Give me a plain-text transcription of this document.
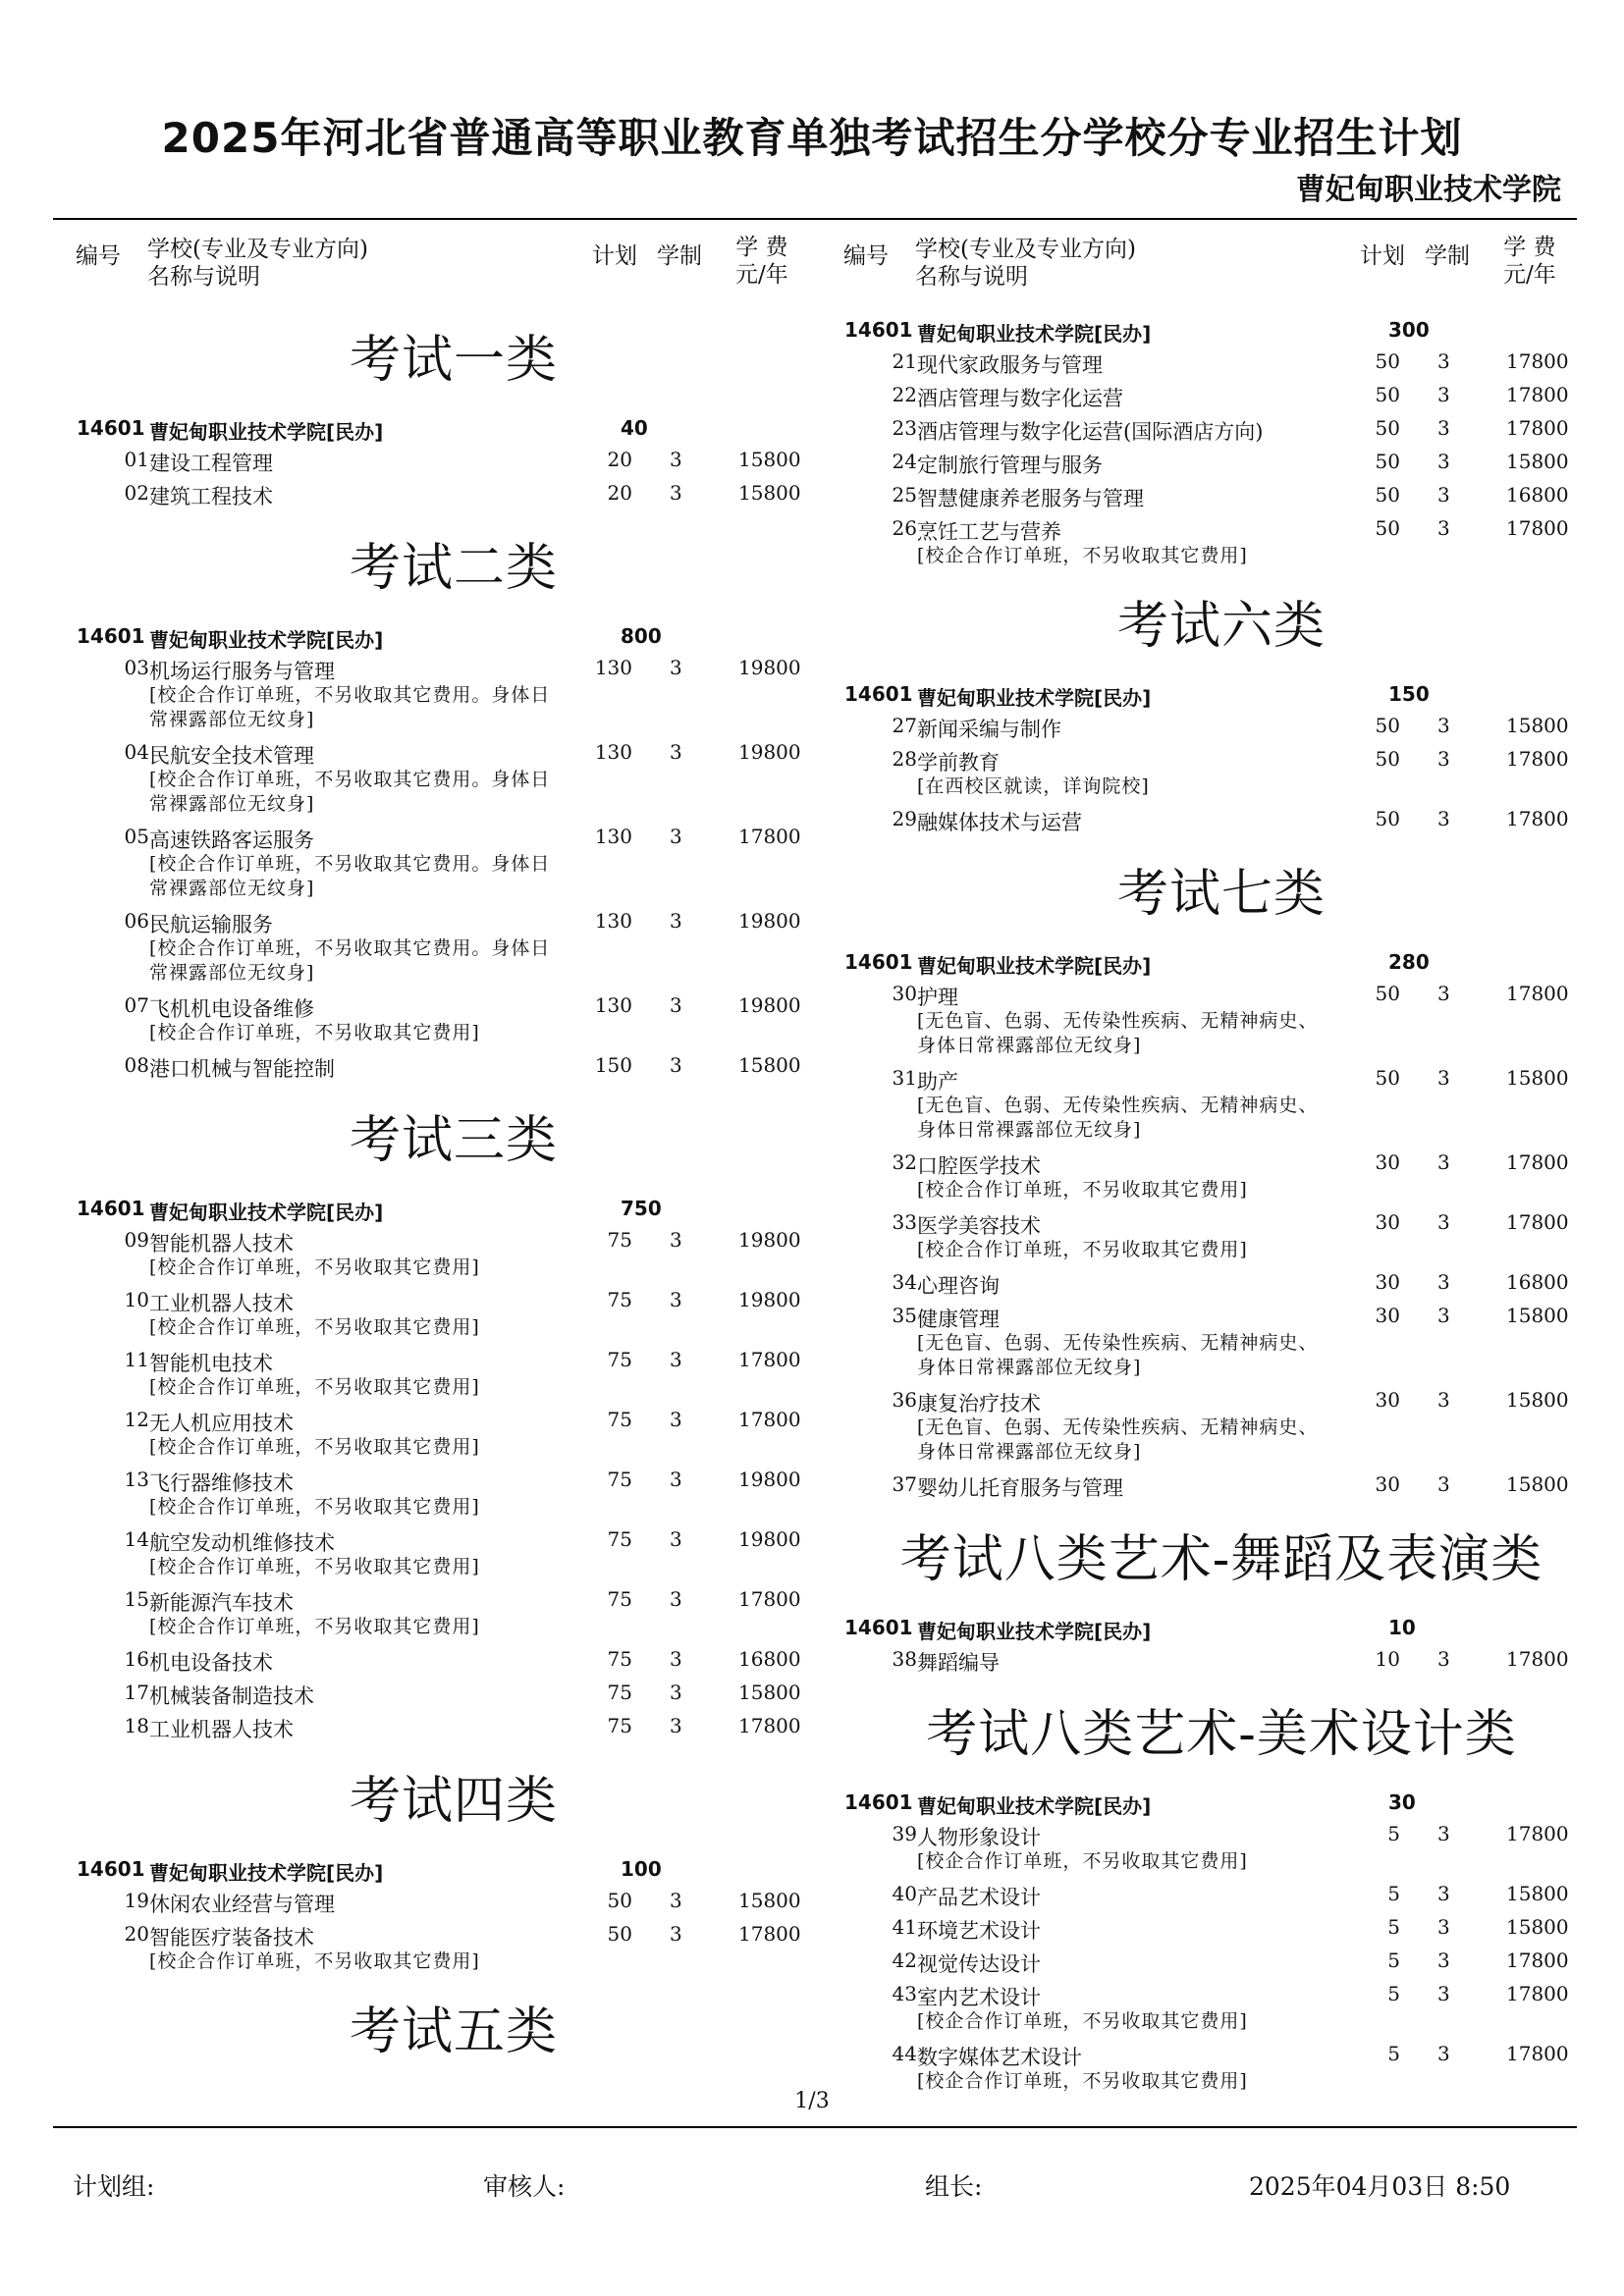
2025年河北省普通高等职业教育单独考试招生分学校分专业招生计划
曹妃甸职业技术学院
编号 学校(专业及专业方向)
名称与说明
计划 学制 学 费
元/年
考试一类
14601 曹妃甸职业技术学院[民办]	40
01 建设工程管理	20 3	15800
02 建筑工程技术	20 3	15800
考试二类
14601 曹妃甸职业技术学院[民办]	800
03 机场运行服务与管理	130 3	19800
[校企合作订单班，不另收取其它费用。身体日常裸露部位无纹身]
04 民航安全技术管理	130 3	19800
[校企合作订单班，不另收取其它费用。身体日常裸露部位无纹身]
05 高速铁路客运服务	130 3	17800
[校企合作订单班，不另收取其它费用。身体日常裸露部位无纹身]
06 民航运输服务	130 3	19800
[校企合作订单班，不另收取其它费用。身体日常裸露部位无纹身]
07 飞机机电设备维修	130 3	19800
[校企合作订单班，不另收取其它费用]
08 港口机械与智能控制	150 3	15800
考试三类
14601 曹妃甸职业技术学院[民办]	750
09 智能机器人技术	75 3	19800
[校企合作订单班，不另收取其它费用]
10 工业机器人技术	75 3	19800
[校企合作订单班，不另收取其它费用]
11 智能机电技术	75 3	17800
[校企合作订单班，不另收取其它费用]
12 无人机应用技术	75 3	17800
[校企合作订单班，不另收取其它费用]
13 飞行器维修技术	75 3	19800
[校企合作订单班，不另收取其它费用]
14 航空发动机维修技术	75 3	19800
[校企合作订单班，不另收取其它费用]
15 新能源汽车技术	75 3	17800
[校企合作订单班，不另收取其它费用]
16 机电设备技术	75 3	16800
17 机械装备制造技术	75 3	15800
18 工业机器人技术	75 3	17800
考试四类
14601 曹妃甸职业技术学院[民办]	100
19 休闲农业经营与管理	50 3	15800
20 智能医疗装备技术	50 3	17800
[校企合作订单班，不另收取其它费用]
考试五类
编号 学校(专业及专业方向)
名称与说明
计划 学制 学 费
元/年
14601 曹妃甸职业技术学院[民办]	300
21 现代家政服务与管理	50 3	17800
22 酒店管理与数字化运营	50 3	17800
23 酒店管理与数字化运营(国际酒店方向)	50 3	17800
24 定制旅行管理与服务	50 3	15800
25 智慧健康养老服务与管理	50 3	16800
26 烹饪工艺与营养	50 3	17800
[校企合作订单班，不另收取其它费用]
考试六类
14601 曹妃甸职业技术学院[民办]	150
27 新闻采编与制作	50 3	15800
28 学前教育	50 3	17800
[在西校区就读，详询院校]
29 融媒体技术与运营	50 3	17800
考试七类
14601 曹妃甸职业技术学院[民办]	280
30 护理	50 3	17800
[无色盲、色弱、无传染性疾病、无精神病史、身体日常裸露部位无纹身]
31 助产	50 3	15800
[无色盲、色弱、无传染性疾病、无精神病史、身体日常裸露部位无纹身]
32 口腔医学技术	30 3	17800
[校企合作订单班，不另收取其它费用]
33 医学美容技术	30 3	17800
[校企合作订单班，不另收取其它费用]
34 心理咨询	30 3	16800
35 健康管理	30 3	15800
[无色盲、色弱、无传染性疾病、无精神病史、身体日常裸露部位无纹身]
36 康复治疗技术	30 3	15800
[无色盲、色弱、无传染性疾病、无精神病史、身体日常裸露部位无纹身]
37 婴幼儿托育服务与管理	30 3	15800
考试八类艺术-舞蹈及表演类
14601 曹妃甸职业技术学院[民办]	10
38 舞蹈编导	10 3	17800
考试八类艺术-美术设计类
14601 曹妃甸职业技术学院[民办]	30
39 人物形象设计	5 3	17800
[校企合作订单班，不另收取其它费用]
40 产品艺术设计	5 3	15800
41 环境艺术设计	5 3	15800
42 视觉传达设计	5 3	17800
43 室内艺术设计	5 3	17800
[校企合作订单班，不另收取其它费用]
44 数字媒体艺术设计	5 3	17800
[校企合作订单班，不另收取其它费用]
1/3
计划组:	审核人:	组长:	2025年04月03日 8:50
